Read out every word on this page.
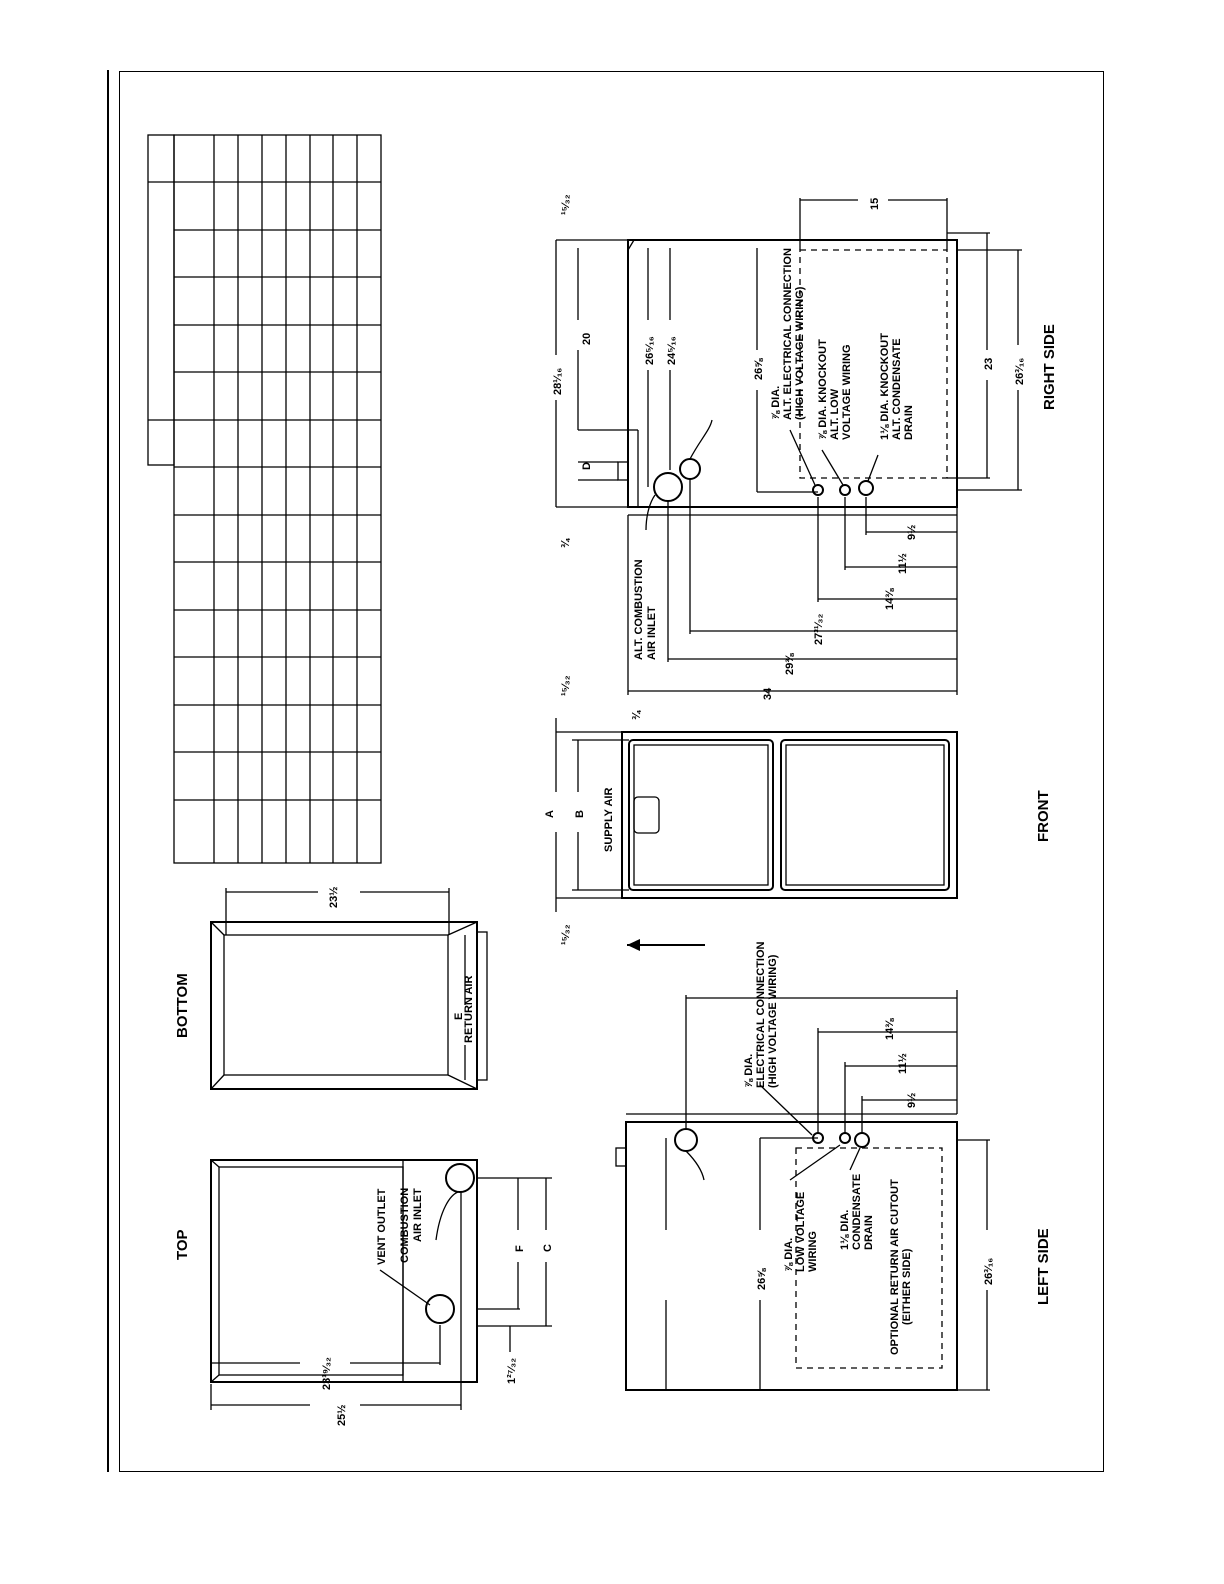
TOP	VENT OUTLET COMBUSTION AIR INLET
F C
1²⁷⁄₃₂
23¹⁹⁄₃₂
25½
BOTTOM	E
RETURN AIR
23½
SUPPLY AIR
A B
¹⁵⁄₃₂
¹⁵⁄₃₂
¾
FRONT
ALT. COMBUSTION AIR INLET
⅞ DIA. ALT. ELECTRICAL CONNECTION (HIGH VOLTAGE WIRING) ⅞ DIA. KNOCKOUT ALT. LOW VOLTAGE WIRING 1⅛ DIA. KNOCKOUT ALT. CONDENSATE DRAIN
28¹⁄₁₆
20
D
¹⁵⁄₃₂
¾
26⁵⁄₁₆ 24⁵⁄₁₆
26⅝
15
23 26³⁄₁₆ RIGHT SIDE
9½
11½
14⅜
27³¹⁄₃₂
29⅜
34
⅞ DIA. ELECTRICAL CONNECTION (HIGH VOLTAGE WIRING)
⅞ DIA. LOW VOLTAGE WIRING
1⅛ DIA. CONDENSATE DRAIN OPTIONAL RETURN AIR CUTOUT (EITHER SIDE)
14⅜
11½
9½
26⅝	26³⁄₁₆	LEFT SIDE
